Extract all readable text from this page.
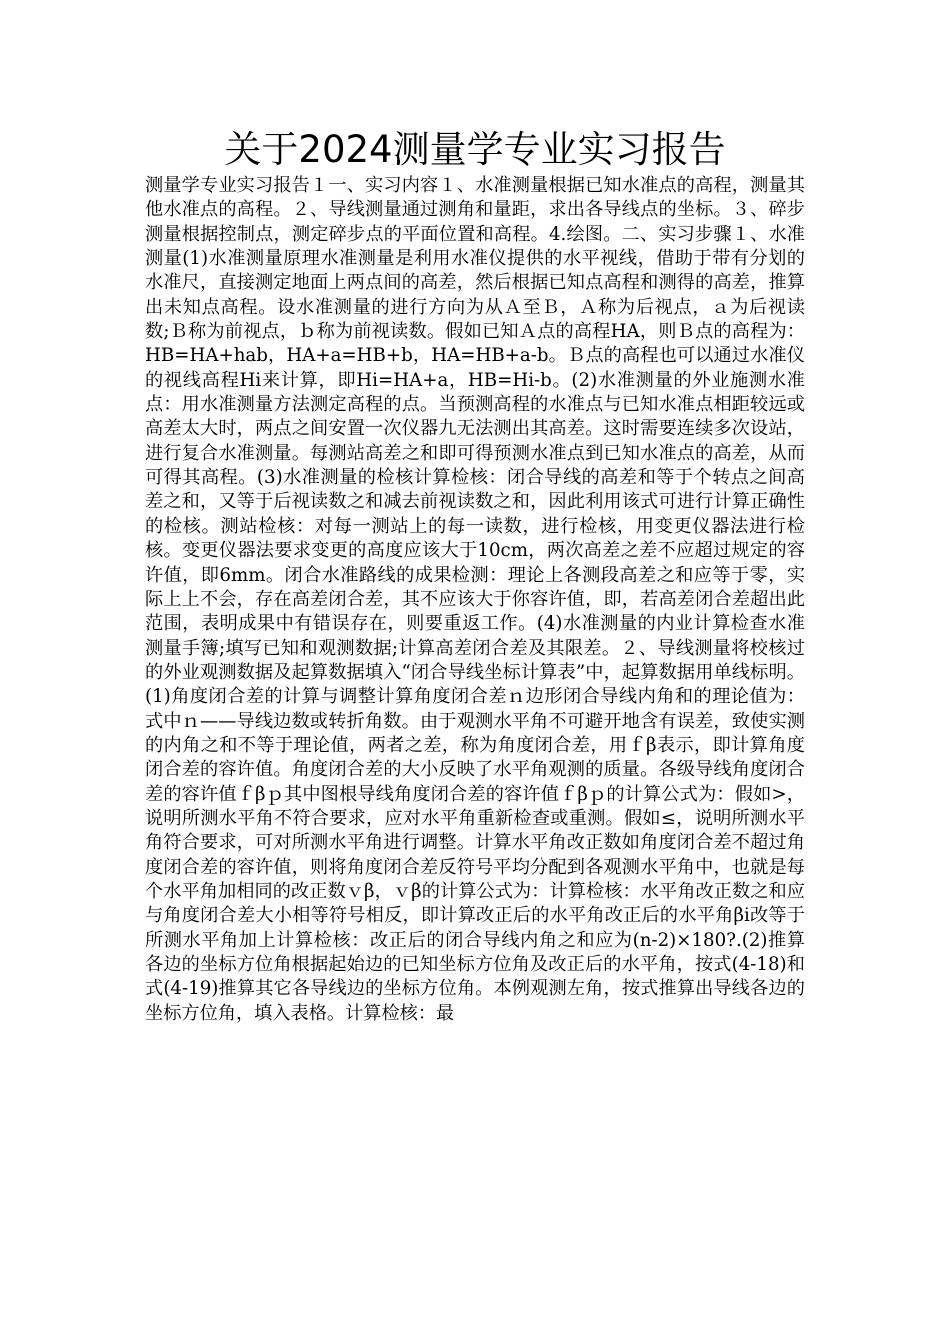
关于2024测量学专业实习报告

测量学专业实习报告１一、实习内容１、水准测量根据已知水准点的高程，测量其他水准点的高程。２、导线测量通过测角和量距，求出各导线点的坐标。３、碎步测量根据控制点，测定碎步点的平面位置和高程。4.绘图。二、实习步骤１、水准测量(1)水准测量原理水准测量是利用水准仪提供的水平视线，借助于带有分划的水准尺，直接测定地面上两点间的高差，然后根据已知点高程和测得的高差，推算出未知点高程。设水准测量的进行方向为从Ａ至Ｂ，Ａ称为后视点，ａ为后视读数;Ｂ称为前视点，ｂ称为前视读数。假如已知Ａ点的高程HA，则Ｂ点的高程为：HB=HA+hab，HA+a=HB+b，HA=HB+a-b。Ｂ点的高程也可以通过水准仪的视线高程Hi来计算，即Hi=HA+a，HB=Hi-b。(2)水准测量的外业施测水准点：用水准测量方法测定高程的点。当预测高程的水准点与已知水准点相距较远或高差太大时，两点之间安置一次仪器九无法测出其高差。这时需要连续多次设站，进行复合水准测量。每测站高差之和即可得预测水准点到已知水准点的高差，从而可得其高程。(3)水准测量的检核计算检核：闭合导线的高差和等于个转点之间高差之和，又等于后视读数之和减去前视读数之和，因此利用该式可进行计算正确性的检核。测站检核：对每一测站上的每一读数，进行检核，用变更仪器法进行检核。变更仪器法要求变更的高度应该大于10cm，两次高差之差不应超过规定的容许值，即6mm。闭合水准路线的成果检测：理论上各测段高差之和应等于零，实际上上不会，存在高差闭合差，其不应该大于你容许值，即，若高差闭合差超出此范围，表明成果中有错误存在，则要重返工作。(4)水准测量的内业计算检查水准测量手簿;填写已知和观测数据;计算高差闭合差及其限差。２、导线测量将校核过的外业观测数据及起算数据填入“闭合导线坐标计算表”中，起算数据用单线标明。(1)角度闭合差的计算与调整计算角度闭合差ｎ边形闭合导线内角和的理论值为：式中ｎ——导线边数或转折角数。由于观测水平角不可避开地含有误差，致使实测的内角之和不等于理论值，两者之差，称为角度闭合差，用ｆβ表示，即计算角度闭合差的容许值。角度闭合差的大小反映了水平角观测的质量。各级导线角度闭合差的容许值ｆβｐ其中图根导线角度闭合差的容许值ｆβｐ的计算公式为：假如>，说明所测水平角不符合要求，应对水平角重新检查或重测。假如≤，说明所测水平角符合要求，可对所测水平角进行调整。计算水平角改正数如角度闭合差不超过角度闭合差的容许值，则将角度闭合差反符号平均分配到各观测水平角中，也就是每个水平角加相同的改正数ｖβ，ｖβ的计算公式为：计算检核：水平角改正数之和应与角度闭合差大小相等符号相反，即计算改正后的水平角改正后的水平角βi改等于所测水平角加上计算检核：改正后的闭合导线内角之和应为(n-2)×180?.(2)推算各边的坐标方位角根据起始边的已知坐标方位角及改正后的水平角，按式(4-18)和式(4-19)推算其它各导线边的坐标方位角。本例观测左角，按式推算出导线各边的坐标方位角，填入表格。计算检核：最
